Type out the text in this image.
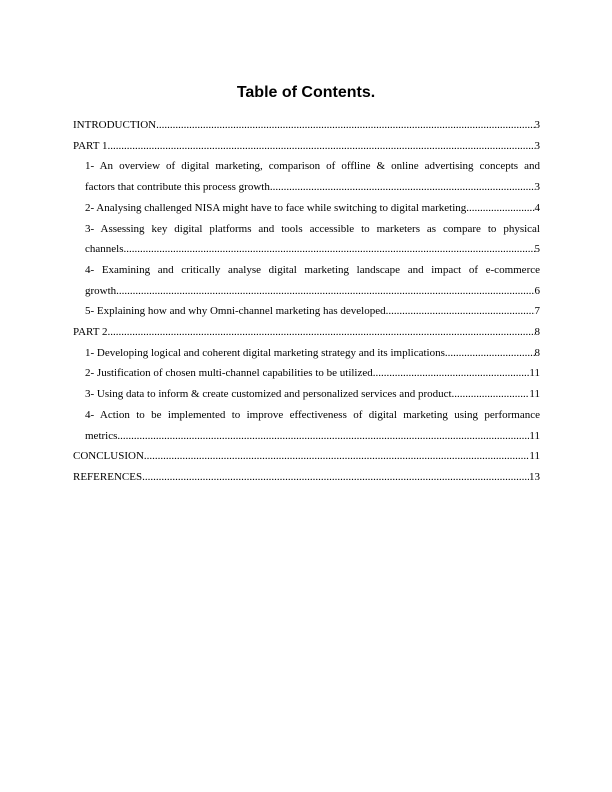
Table of Contents.
INTRODUCTION .....	3
PART 1 .....	3
1- An overview of digital marketing, comparison of offline & online advertising concepts and
factors that contribute this process growth .....	3
2- Analysing challenged NISA might have to face while switching to digital marketing .....	4
3- Assessing key digital platforms and tools accessible to marketers as compare to physical
channels .....	5
4- Examining and critically analyse digital marketing landscape and impact of e-commerce
growth .....	6
5- Explaining how and why Omni-channel marketing has developed .....	7
PART 2 .....	8
1- Developing logical and coherent digital marketing strategy and its implications .....	8
2- Justification of chosen multi-channel capabilities to be utilized .....	11
3- Using data to inform & create customized and personalized services and product .....	11
4- Action to be implemented to improve effectiveness of digital marketing using performance
metrics .....	11
CONCLUSION .....	11
REFERENCES .....	13
